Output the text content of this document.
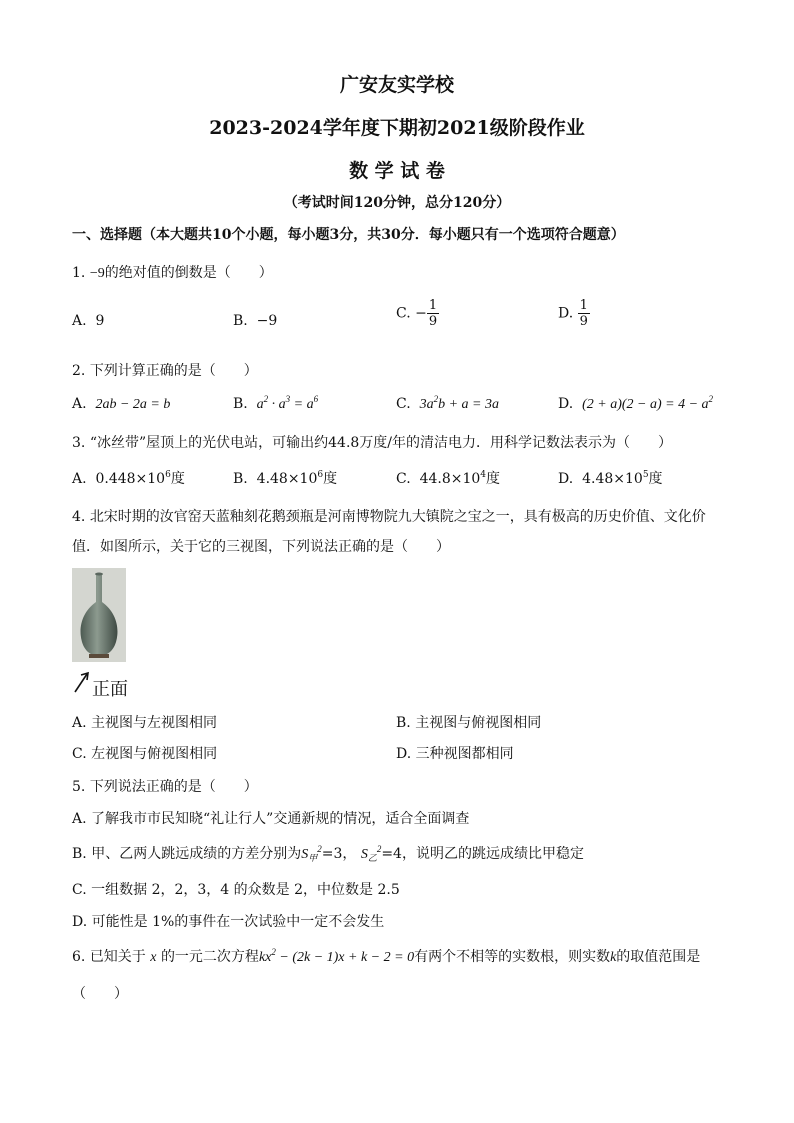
广安友实学校
2023-2024学年度下期初2021级阶段作业
数 学 试 卷
（考试时间120分钟，总分120分）
一、选择题（本大题共10个小题，每小题3分，共30分．每小题只有一个选项符合题意）
1. −9的绝对值的倒数是（　　）
A. 9	B. −9	C. − $\frac{1}{9}$	D. $\frac{1}{9}$
2. 下列计算正确的是（　　）
A. 2ab − 2a = b	B. $a^2 \cdot a^3 = a^6$	C. $3a^2b + a = 3a$	D. $(2 + a)(2 - a) = 4 - a^2$
3. “冰丝带”屋顶上的光伏电站，可输出约44.8万度/年的清洁电力．用科学记数法表示为（　　）
A. $0.448\times 10^6$度	B. $4.48\times 10^6$度	C. $44.8\times 10^4$度	D. $4.48\times 10^5$度
4. 北宋时期的汝官窑天蓝釉刻花鹅颈瓶是河南博物院九大镇院之宝之一，具有极高的历史价值、文化价
值．如图所示，关于它的三视图，下列说法正确的是（　　）
正面
A. 主视图与左视图相同	B. 主视图与俯视图相同
C. 左视图与俯视图相同	D. 三种视图都相同
5. 下列说法正确的是（　　）
A. 了解我市市民知晓“礼让行人”交通新规的情况，适合全面调查
B. 甲、乙两人跳远成绩的方差分别为$S_甲^2=3$， $S_乙^2=4$，说明乙的跳远成绩比甲稳定
C. 一组数据 2，2，3，4 的众数是 2，中位数是 2.5
D. 可能性是 1%的事件在一次试验中一定不会发生
6. 已知关于 x 的一元二次方程$kx^2 - (2k - 1)x + k - 2 = 0$有两个不相等的实数根，则实数k的取值范围是
（　　）
